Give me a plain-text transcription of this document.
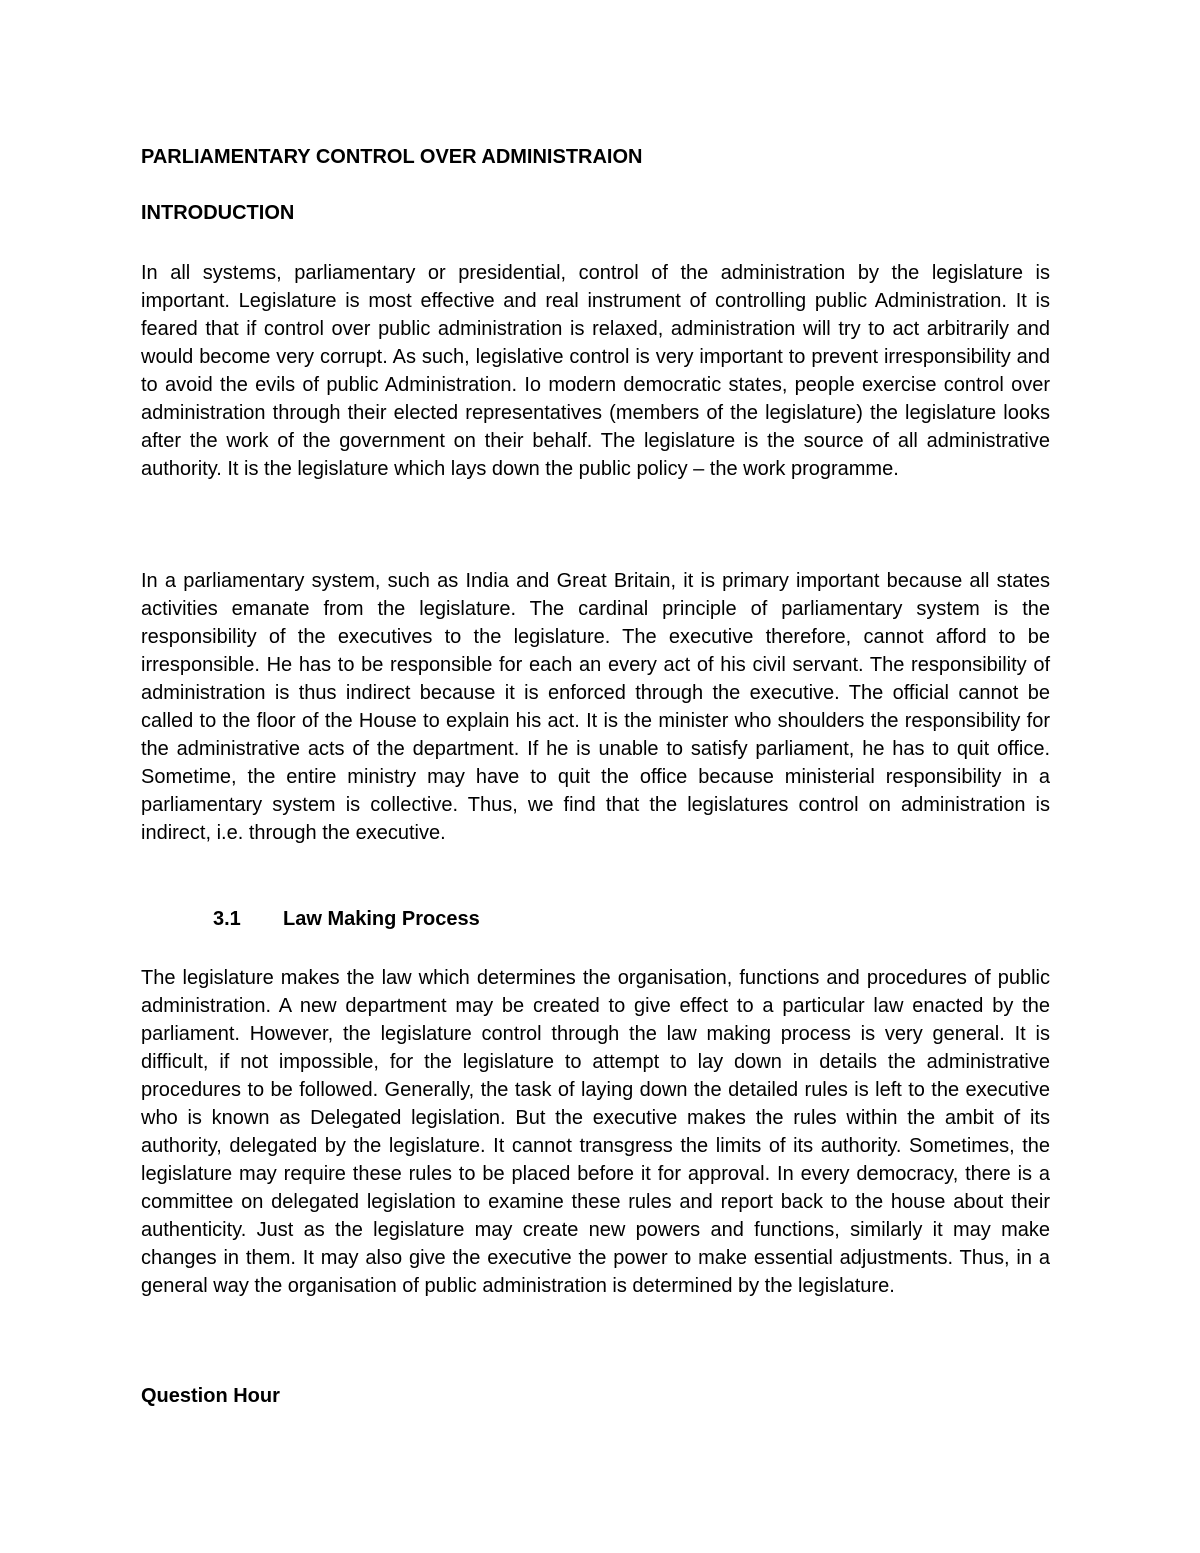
PARLIAMENTARY CONTROL OVER ADMINISTRAION
INTRODUCTION

In all systems, parliamentary or presidential, control of the administration by the legislature is important. Legislature is most effective and real instrument of controlling public Administration. It is feared that if control over public administration is relaxed, administration will try to act arbitrarily and would become very corrupt. As such, legislative control is very important to prevent irresponsibility and to avoid the evils of public Administration. Io modern democratic states, people exercise control over administration through their elected representatives (members of the legislature) the legislature looks after the work of the government on their behalf. The legislature is the source of all administrative authority. It is the legislature which lays down the public policy – the work programme.

In a parliamentary system, such as India and Great Britain, it is primary important because all states activities emanate from the legislature. The cardinal principle of parliamentary system is the responsibility of the executives to the legislature. The executive therefore, cannot afford to be irresponsible. He has to be responsible for each an every act of his civil servant. The responsibility of administration is thus indirect because it is enforced through the executive. The official cannot be called to the floor of the House to explain his act. It is the minister who shoulders the responsibility for the administrative acts of the department. If he is unable to satisfy parliament, he has to quit office. Sometime, the entire ministry may have to quit the office because ministerial responsibility in a parliamentary system is collective. Thus, we find that the legislatures control on administration is indirect, i.e. through the executive.

3.1 Law Making Process

The legislature makes the law which determines the organisation, functions and procedures of public administration. A new department may be created to give effect to a particular law enacted by the parliament. However, the legislature control through the law making process is very general. It is difficult, if not impossible, for the legislature to attempt to lay down in details the administrative procedures to be followed. Generally, the task of laying down the detailed rules is left to the executive who is known as Delegated legislation. But the executive makes the rules within the ambit of its authority, delegated by the legislature. It cannot transgress the limits of its authority. Sometimes, the legislature may require these rules to be placed before it for approval. In every democracy, there is a committee on delegated legislation to examine these rules and report back to the house about their authenticity. Just as the legislature may create new powers and functions, similarly it may make changes in them. It may also give the executive the power to make essential adjustments. Thus, in a general way the organisation of public administration is determined by the legislature.

Question Hour
